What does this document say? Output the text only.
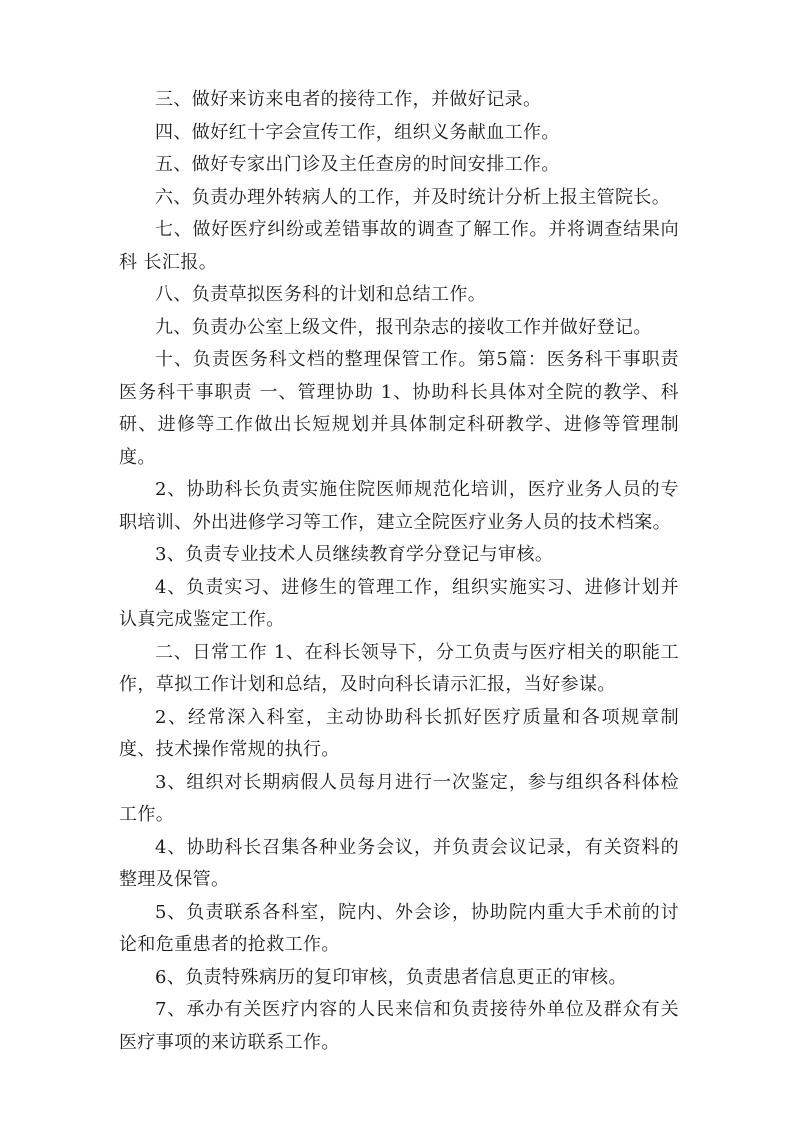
三、做好来访来电者的接待工作，并做好记录。

四、做好红十字会宣传工作，组织义务献血工作。

五、做好专家出门诊及主任查房的时间安排工作。

六、负责办理外转病人的工作，并及时统计分析上报主管院长。

七、做好医疗纠纷或差错事故的调查了解工作。并将调查结果向科 长汇报。

八、负责草拟医务科的计划和总结工作。

九、负责办公室上级文件，报刊杂志的接收工作并做好登记。

十、负责医务科文档的整理保管工作。第5篇：医务科干事职责 医务科干事职责 一、管理协助 1、协助科长具体对全院的教学、科研、进修等工作做出长短规划并具体制定科研教学、进修等管理制度。

2、协助科长负责实施住院医师规范化培训，医疗业务人员的专职培训、外出进修学习等工作，建立全院医疗业务人员的技术档案。

3、负责专业技术人员继续教育学分登记与审核。

4、负责实习、进修生的管理工作，组织实施实习、进修计划并认真完成鉴定工作。

二、日常工作 1、在科长领导下，分工负责与医疗相关的职能工作，草拟工作计划和总结，及时向科长请示汇报，当好参谋。

2、经常深入科室，主动协助科长抓好医疗质量和各项规章制度、技术操作常规的执行。

3、组织对长期病假人员每月进行一次鉴定，参与组织各科体检工作。

4、协助科长召集各种业务会议，并负责会议记录，有关资料的整理及保管。

5、负责联系各科室，院内、外会诊，协助院内重大手术前的讨论和危重患者的抢救工作。

6、负责特殊病历的复印审核，负责患者信息更正的审核。

7、承办有关医疗内容的人民来信和负责接待外单位及群众有关医疗事项的来访联系工作。
